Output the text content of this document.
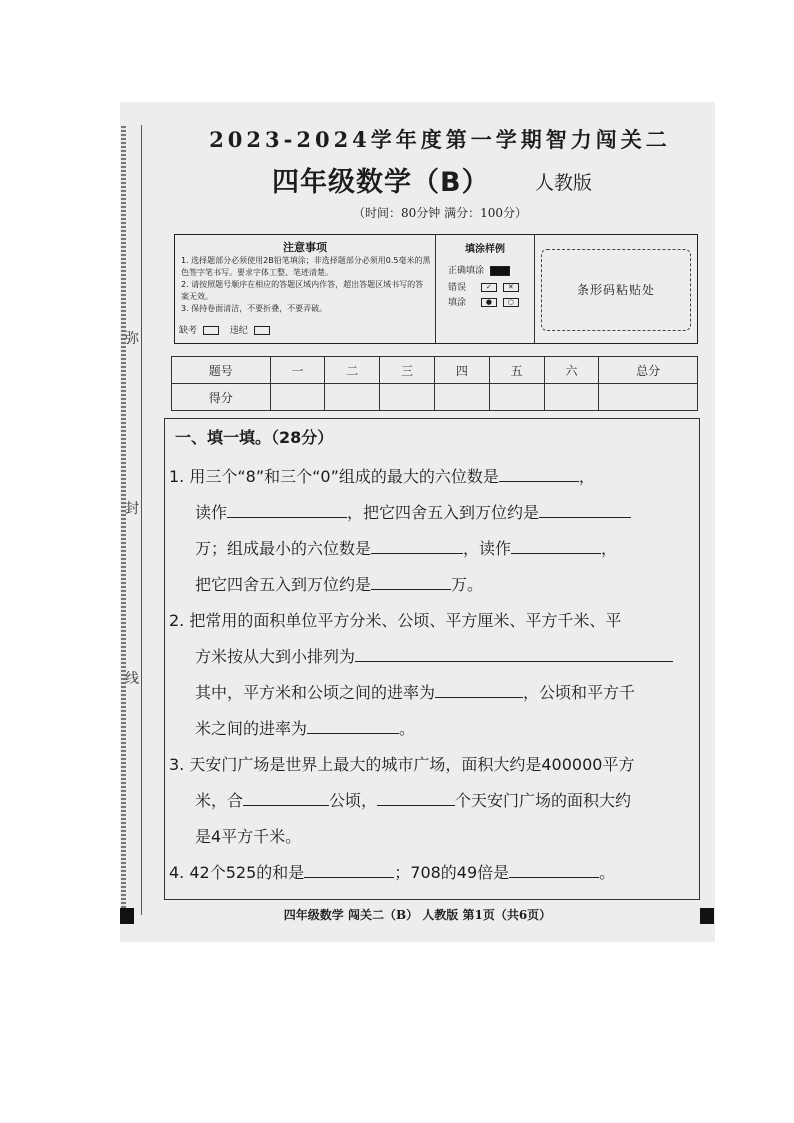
弥
封
线
2023-2024学年度第一学期智力闯关二
四年级数学（B） 人教版
（时间：80分钟 满分：100分）
注意事项
1. 选择题部分必须使用2B铅笔填涂；非选择题部分必须用0.5毫米的黑色签字笔书写。要求字体工整、笔迹清楚。
2. 请按照题号顺序在相应的答题区域内作答，超出答题区域书写的答案无效。
3. 保持卷面清洁，不要折叠，不要弄破。
填涂样例
正确填涂
错误	✓ ✕
填涂	● ○
缺考	违纪
条形码粘贴处
题号	一	二	三	四	五	六	总分
得分							
一、填一填。（28分）
1. 用三个“8”和三个“0”组成的最大的六位数是	，
读作	，把它四舍五入到万位约是
万；组成最小的六位数是	，读作	，
把它四舍五入到万位约是	万。
2. 把常用的面积单位平方分米、公顷、平方厘米、平方千米、平
方米按从大到小排列为
其中，平方米和公顷之间的进率为	，公顷和平方千
米之间的进率为	。
3. 天安门广场是世界上最大的城市广场，面积大约是400000平方
米，合	公顷，	个天安门广场的面积大约
是4平方千米。
4. 42个525的和是	；708的49倍是	。
四年级数学 闯关二（B） 人教版 第1页（共6页）
